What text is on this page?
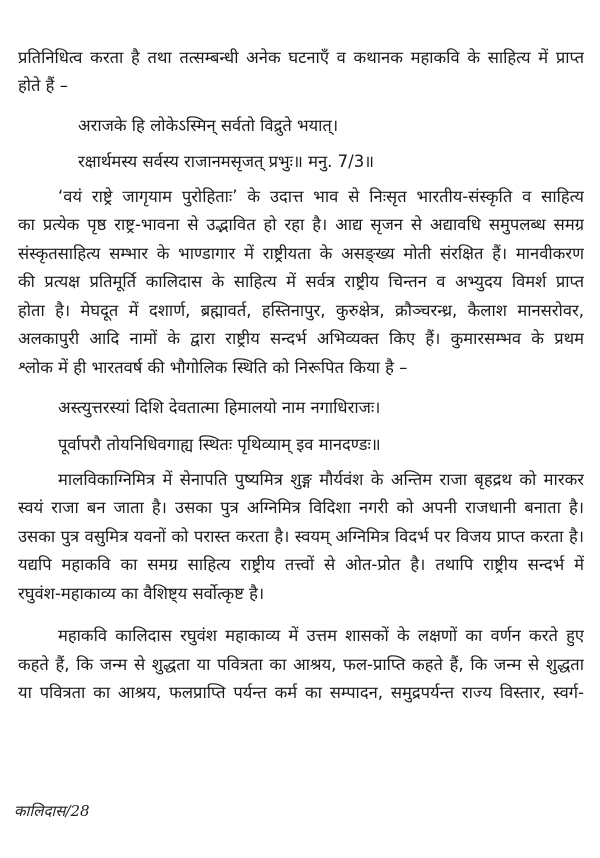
प्रतिनिधित्व करता है तथा तत्सम्बन्धी अनेक घटनाएँ व कथानक महाकवि के साहित्य में प्राप्त
होते हैं –
अराजके हि लोकेऽस्मिन् सर्वतो विद्रुते भयात्।
रक्षार्थमस्य सर्वस्य राजानमसृजत् प्रभुः॥ मनु. 7/3॥
‘वयं राष्ट्रे जागृयाम पुरोहिताः’ के उदात्त भाव से निःसृत भारतीय-संस्कृति व साहित्य
का प्रत्येक पृष्ठ राष्ट्र-भावना से उद्भावित हो रहा है। आद्य सृजन से अद्यावधि समुपलब्ध समग्र
संस्कृतसाहित्य सम्भार के भाण्डागार में राष्ट्रीयता के असङ्ख्य मोती संरक्षित हैं। मानवीकरण
की प्रत्यक्ष प्रतिमूर्ति कालिदास के साहित्य में सर्वत्र राष्ट्रीय चिन्तन व अभ्युदय विमर्श प्राप्त
होता है। मेघदूत में दशार्ण, ब्रह्मावर्त, हस्तिनापुर, कुरुक्षेत्र, क्रौञ्चरन्ध्र, कैलाश मानसरोवर,
अलकापुरी आदि नामों के द्वारा राष्ट्रीय सन्दर्भ अभिव्यक्त किए हैं। कुमारसम्भव के प्रथम
श्लोक में ही भारतवर्ष की भौगोलिक स्थिति को निरूपित किया है –
अस्त्युत्तरस्यां दिशि देवतात्मा हिमालयो नाम नगाधिराजः।
पूर्वापरौ तोयनिधिवगाह्य स्थितः पृथिव्याम् इव मानदण्डः॥
मालविकाग्निमित्र में सेनापति पुष्यमित्र शुङ्ग मौर्यवंश के अन्तिम राजा बृहद्रथ को मारकर
स्वयं राजा बन जाता है। उसका पुत्र अग्निमित्र विदिशा नगरी को अपनी राजधानी बनाता है।
उसका पुत्र वसुमित्र यवनों को परास्त करता है। स्वयम् अग्निमित्र विदर्भ पर विजय प्राप्त करता है।
यद्यपि महाकवि का समग्र साहित्य राष्ट्रीय तत्त्वों से ओत-प्रोत है। तथापि राष्ट्रीय सन्दर्भ में
रघुवंश-महाकाव्य का वैशिष्ट्य सर्वोत्कृष्ट है।
महाकवि कालिदास रघुवंश महाकाव्य में उत्तम शासकों के लक्षणों का वर्णन करते हुए
कहते हैं, कि जन्म से शुद्धता या पवित्रता का आश्रय, फल-प्राप्ति कहते हैं, कि जन्म से शुद्धता
या पवित्रता का आश्रय, फलप्राप्ति पर्यन्त कर्म का सम्पादन, समुद्रपर्यन्त राज्य विस्तार, स्वर्ग-
कालिदास/28
